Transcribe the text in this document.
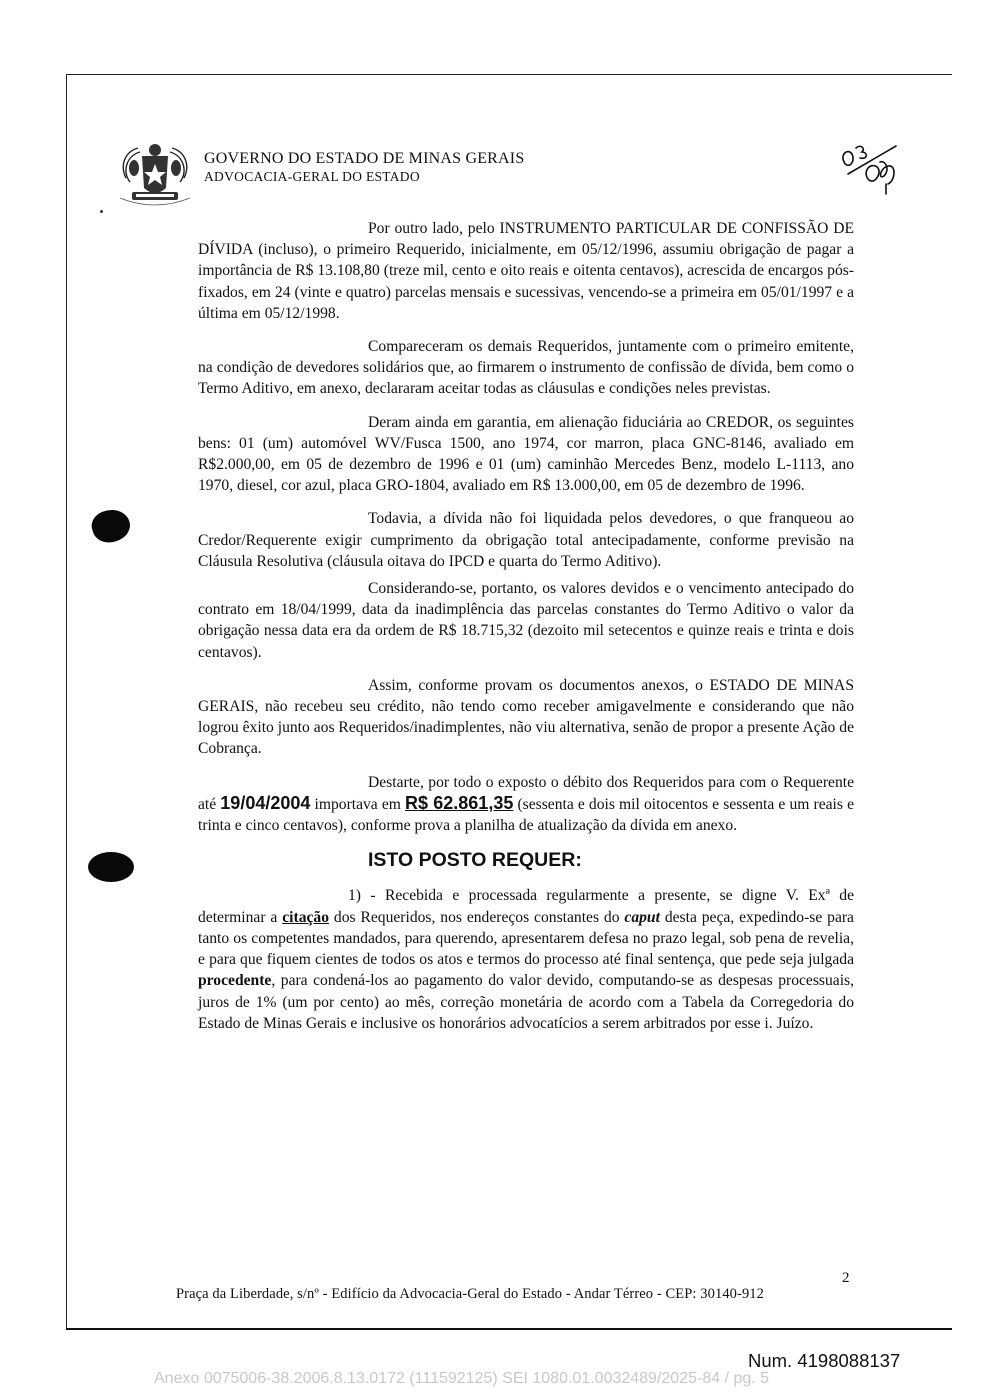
GOVERNO DO ESTADO DE MINAS GERAIS
ADVOCACIA-GERAL DO ESTADO

Por outro lado, pelo INSTRUMENTO PARTICULAR DE CONFISSÃO DE DÍVIDA (incluso), o primeiro Requerido, inicialmente, em 05/12/1996, assumiu obrigação de pagar a importância de R$ 13.108,80 (treze mil, cento e oito reais e oitenta centavos), acrescida de encargos pós-fixados, em 24 (vinte e quatro) parcelas mensais e sucessivas, vencendo-se a primeira em 05/01/1997 e a última em 05/12/1998.

Compareceram os demais Requeridos, juntamente com o primeiro emitente, na condição de devedores solidários que, ao firmarem o instrumento de confissão de dívida, bem como o Termo Aditivo, em anexo, declararam aceitar todas as cláusulas e condições neles previstas.

Deram ainda em garantia, em alienação fiduciária ao CREDOR, os seguintes bens: 01 (um) automóvel WV/Fusca 1500, ano 1974, cor marron, placa GNC-8146, avaliado em R$2.000,00, em 05 de dezembro de 1996 e 01 (um) caminhão Mercedes Benz, modelo L-1113, ano 1970, diesel, cor azul, placa GRO-1804, avaliado em R$ 13.000,00, em 05 de dezembro de 1996.

Todavia, a dívida não foi liquidada pelos devedores, o que franqueou ao Credor/Requerente exigir cumprimento da obrigação total antecipadamente, conforme previsão na Cláusula Resolutiva (cláusula oitava do IPCD e quarta do Termo Aditivo).

Considerando-se, portanto, os valores devidos e o vencimento antecipado do contrato em 18/04/1999, data da inadimplência das parcelas constantes do Termo Aditivo o valor da obrigação nessa data era da ordem de R$ 18.715,32 (dezoito mil setecentos e quinze reais e trinta e dois centavos).

Assim, conforme provam os documentos anexos, o ESTADO DE MINAS GERAIS, não recebeu seu crédito, não tendo como receber amigavelmente e considerando que não logrou êxito junto aos Requeridos/inadimplentes, não viu alternativa, senão de propor a presente Ação de Cobrança.

Destarte, por todo o exposto o débito dos Requeridos para com o Requerente até 19/04/2004 importava em R$ 62.861,35 (sessenta e dois mil oitocentos e sessenta e um reais e trinta e cinco centavos), conforme prova a planilha de atualização da dívida em anexo.

ISTO POSTO REQUER:

1) - Recebida e processada regularmente a presente, se digne V. Exª de determinar a citação dos Requeridos, nos endereços constantes do caput desta peça, expedindo-se para tanto os competentes mandados, para querendo, apresentarem defesa no prazo legal, sob pena de revelia, e para que fiquem cientes de todos os atos e termos do processo até final sentença, que pede seja julgada procedente, para condená-los ao pagamento do valor devido, computando-se as despesas processuais, juros de 1% (um por cento) ao mês, correção monetária de acordo com a Tabela da Corregedoria do Estado de Minas Gerais e inclusive os honorários advocatícios a serem arbitrados por esse i. Juízo.

2
Praça da Liberdade, s/nº - Edifício da Advocacia-Geral do Estado - Andar Térreo - CEP: 30140-912
Num. 4198088137
Anexo 0075006-38.2006.8.13.0172 (111592125) SEI 1080.01.0032489/2025-84 / pg. 5
